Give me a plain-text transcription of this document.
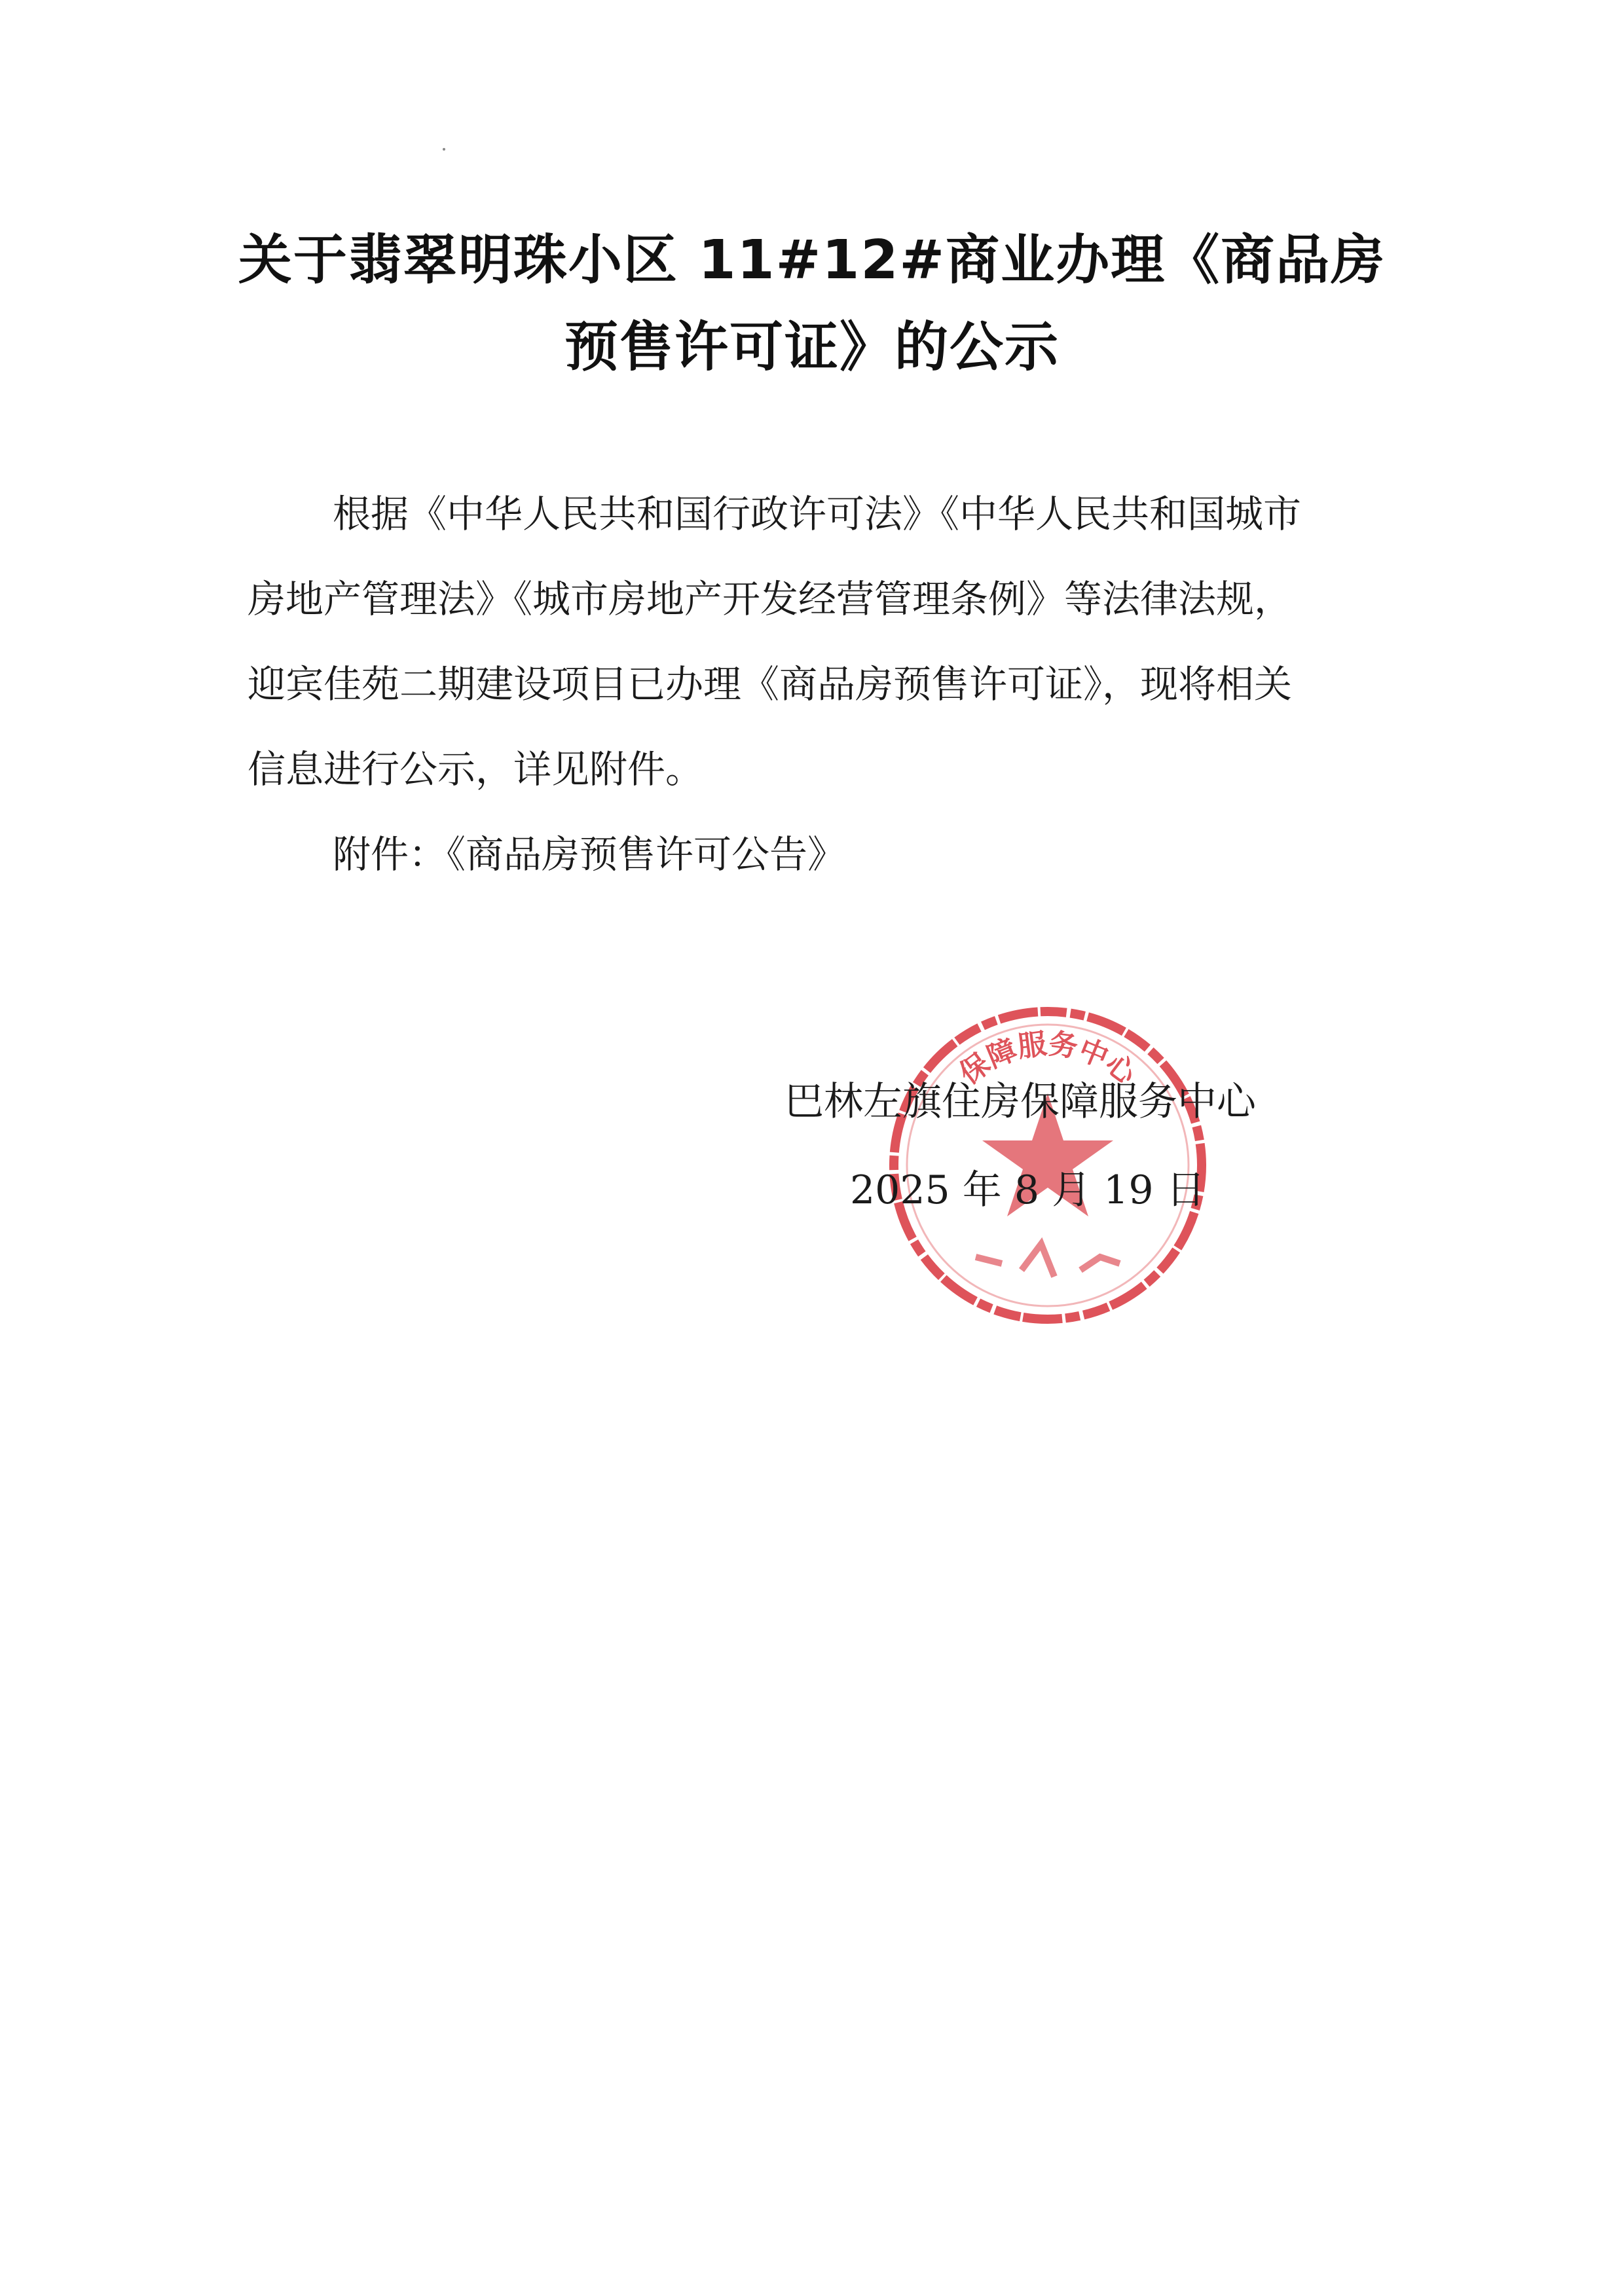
关于翡翠明珠小区 11#12#商业办理《商品房
预售许可证》的公示
根据《中华人民共和国行政许可法》《中华人民共和国城市
房地产管理法》《城市房地产开发经营管理条例》等法律法规，
迎宾佳苑二期建设项目已办理《商品房预售许可证》，现将相关
信息进行公示，详见附件。

附件：《商品房预售许可公告》

保障服务中心

巴林左旗住房保障服务中心

2025 年 8 月 19 日
